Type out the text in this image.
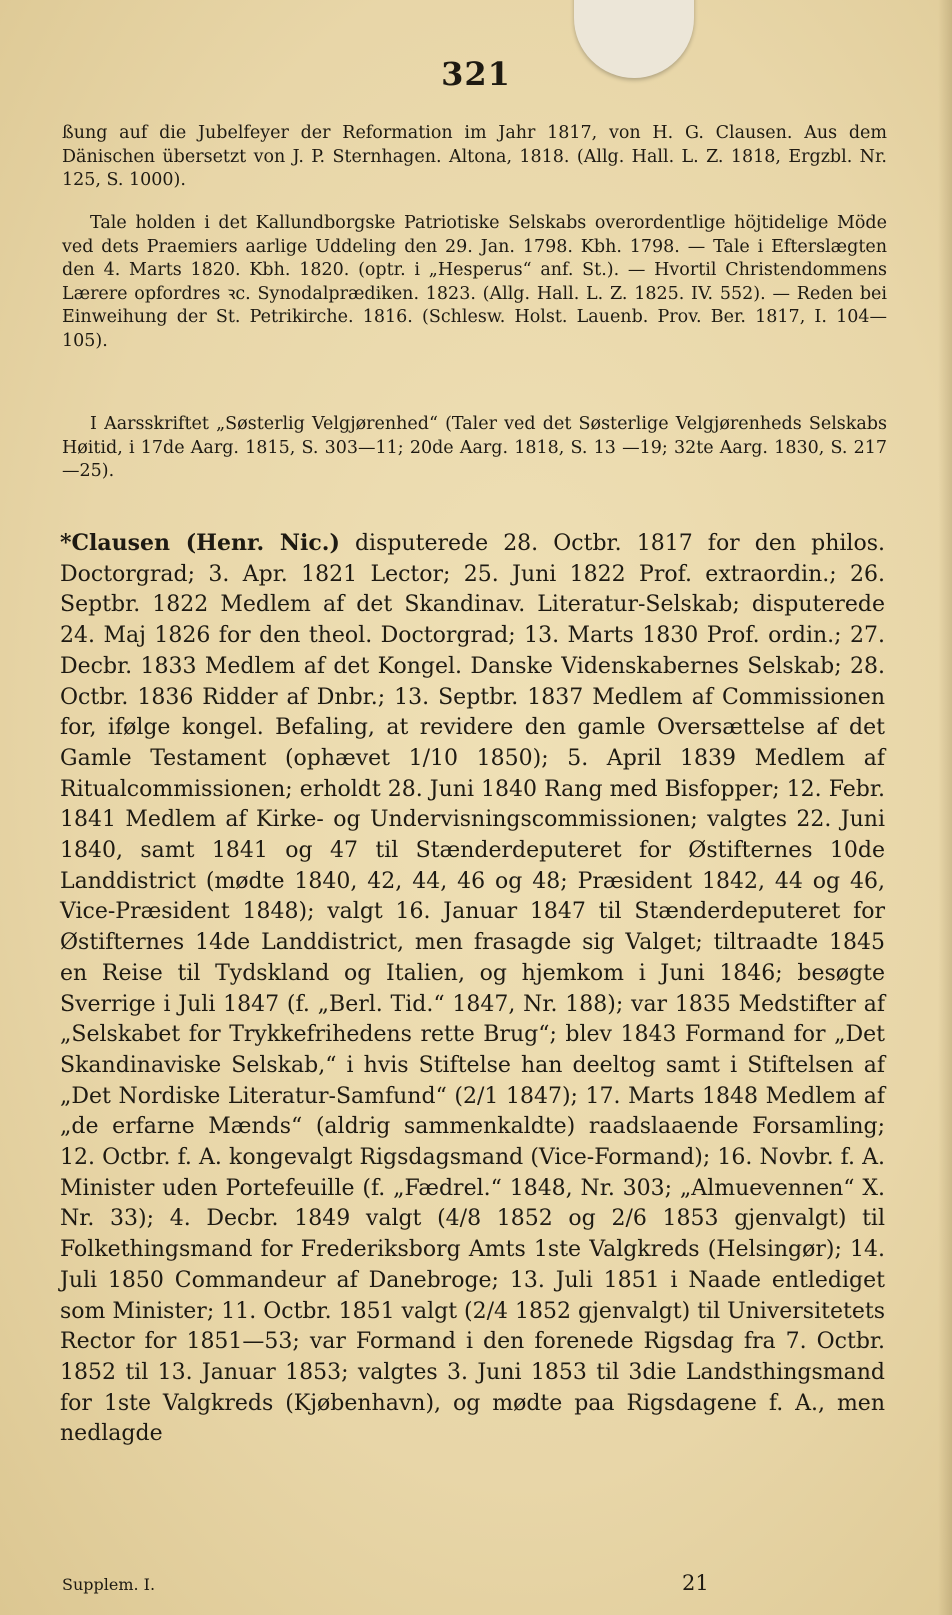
321

ßung auf die Jubelfeyer der Reformation im Jahr 1817, von H. G. Clausen. Aus dem Dänischen übersetzt von J. P. Sternhagen. Altona, 1818. (Allg. Hall. L. Z. 1818, Ergzbl. Nr. 125, S. 1000).

Tale holden i det Kallundborgske Patriotiske Selskabs overordentlige höjtidelige Möde ved dets Praemiers aarlige Uddeling den 29. Jan. 1798. Kbh. 1798. — Tale i Efterslægten den 4. Marts 1820. Kbh. 1820. (optr. i „Hesperus“ anf. St.). — Hvortil Christendommens Lærere opfordres ꝛc. Synodalprædiken. 1823. (Allg. Hall. L. Z. 1825. IV. 552). — Reden bei Einweihung der St. Petrikirche. 1816. (Schlesw. Holst. Lauenb. Prov. Ber. 1817, I. 104—105).

I Aarsskriftet „Søsterlig Velgjørenhed“ (Taler ved det Søsterlige Velgjørenheds Selskabs Høitid, i 17de Aarg. 1815, S. 303—11; 20de Aarg. 1818, S. 13 —19; 32te Aarg. 1830, S. 217—25).

*Clausen (Henr. Nic.) disputerede 28. Octbr. 1817 for den philos. Doctorgrad; 3. Apr. 1821 Lector; 25. Juni 1822 Prof. extraordin.; 26. Septbr. 1822 Medlem af det Skandinav. Literatur-Selskab; disputerede 24. Maj 1826 for den theol. Doctorgrad; 13. Marts 1830 Prof. ordin.; 27. Decbr. 1833 Medlem af det Kongel. Danske Videnskabernes Selskab; 28. Octbr. 1836 Ridder af Dnbr.; 13. Septbr. 1837 Medlem af Commissionen for, ifølge kongel. Befaling, at revidere den gamle Oversættelse af det Gamle Testament (ophævet 1/10 1850); 5. April 1839 Medlem af Ritualcommissionen; erholdt 28. Juni 1840 Rang med Bisfopper; 12. Febr. 1841 Medlem af Kirke- og Undervisningscommissionen; valgtes 22. Juni 1840, samt 1841 og 47 til Stænderdeputeret for Østifternes 10de Landdistrict (mødte 1840, 42, 44, 46 og 48; Præsident 1842, 44 og 46, Vice-Præsident 1848); valgt 16. Januar 1847 til Stænderdeputeret for Østifternes 14de Landdistrict, men frasagde sig Valget; tiltraadte 1845 en Reise til Tydskland og Italien, og hjemkom i Juni 1846; besøgte Sverrige i Juli 1847 (f. „Berl. Tid.“ 1847, Nr. 188); var 1835 Medstifter af „Selskabet for Trykkefrihedens rette Brug“; blev 1843 Formand for „Det Skandinaviske Selskab,“ i hvis Stiftelse han deeltog samt i Stiftelsen af „Det Nordiske Literatur-Samfund“ (2/1 1847); 17. Marts 1848 Medlem af „de erfarne Mænds“ (aldrig sammenkaldte) raadslaaende Forsamling; 12. Octbr. f. A. kongevalgt Rigsdagsmand (Vice-Formand); 16. Novbr. f. A. Minister uden Portefeuille (f. „Fædrel.“ 1848, Nr. 303; „Almuevennen“ X. Nr. 33); 4. Decbr. 1849 valgt (4/8 1852 og 2/6 1853 gjenvalgt) til Folkethingsmand for Frederiksborg Amts 1ste Valgkreds (Helsingør); 14. Juli 1850 Commandeur af Danebroge; 13. Juli 1851 i Naade entlediget som Minister; 11. Octbr. 1851 valgt (2/4 1852 gjenvalgt) til Universitetets Rector for 1851—53; var Formand i den forenede Rigsdag fra 7. Octbr. 1852 til 13. Januar 1853; valgtes 3. Juni 1853 til 3die Landsthingsmand for 1ste Valgkreds (Kjøbenhavn), og mødte paa Rigsdagene f. A., men nedlagde
Supplem. I.	21
